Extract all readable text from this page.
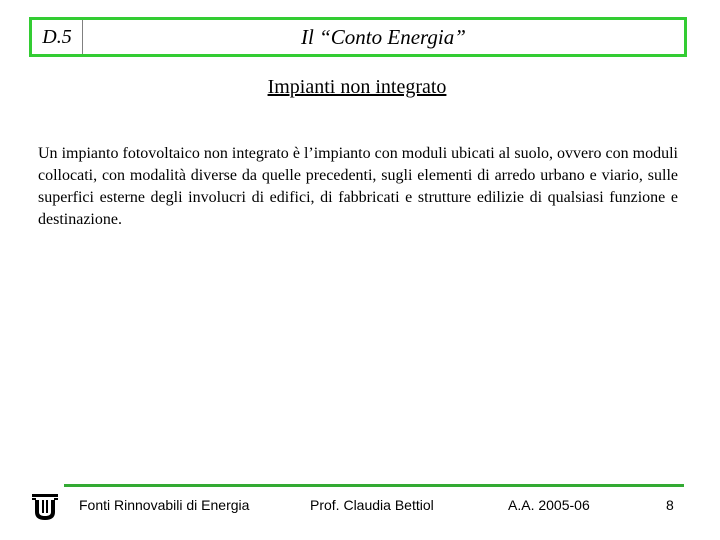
D.5	Il “Conto Energia”
Impianti non integrato
Un impianto fotovoltaico non integrato è l’impianto con moduli ubicati al suolo, ovvero con moduli collocati, con modalità diverse da quelle precedenti, sugli elementi di arredo urbano e viario, sulle superfici esterne degli involucri di edifici, di fabbricati e strutture edilizie di qualsiasi funzione e destinazione.
Fonti Rinnovabili di Energia	Prof. Claudia Bettiol	A.A. 2005-06	8
